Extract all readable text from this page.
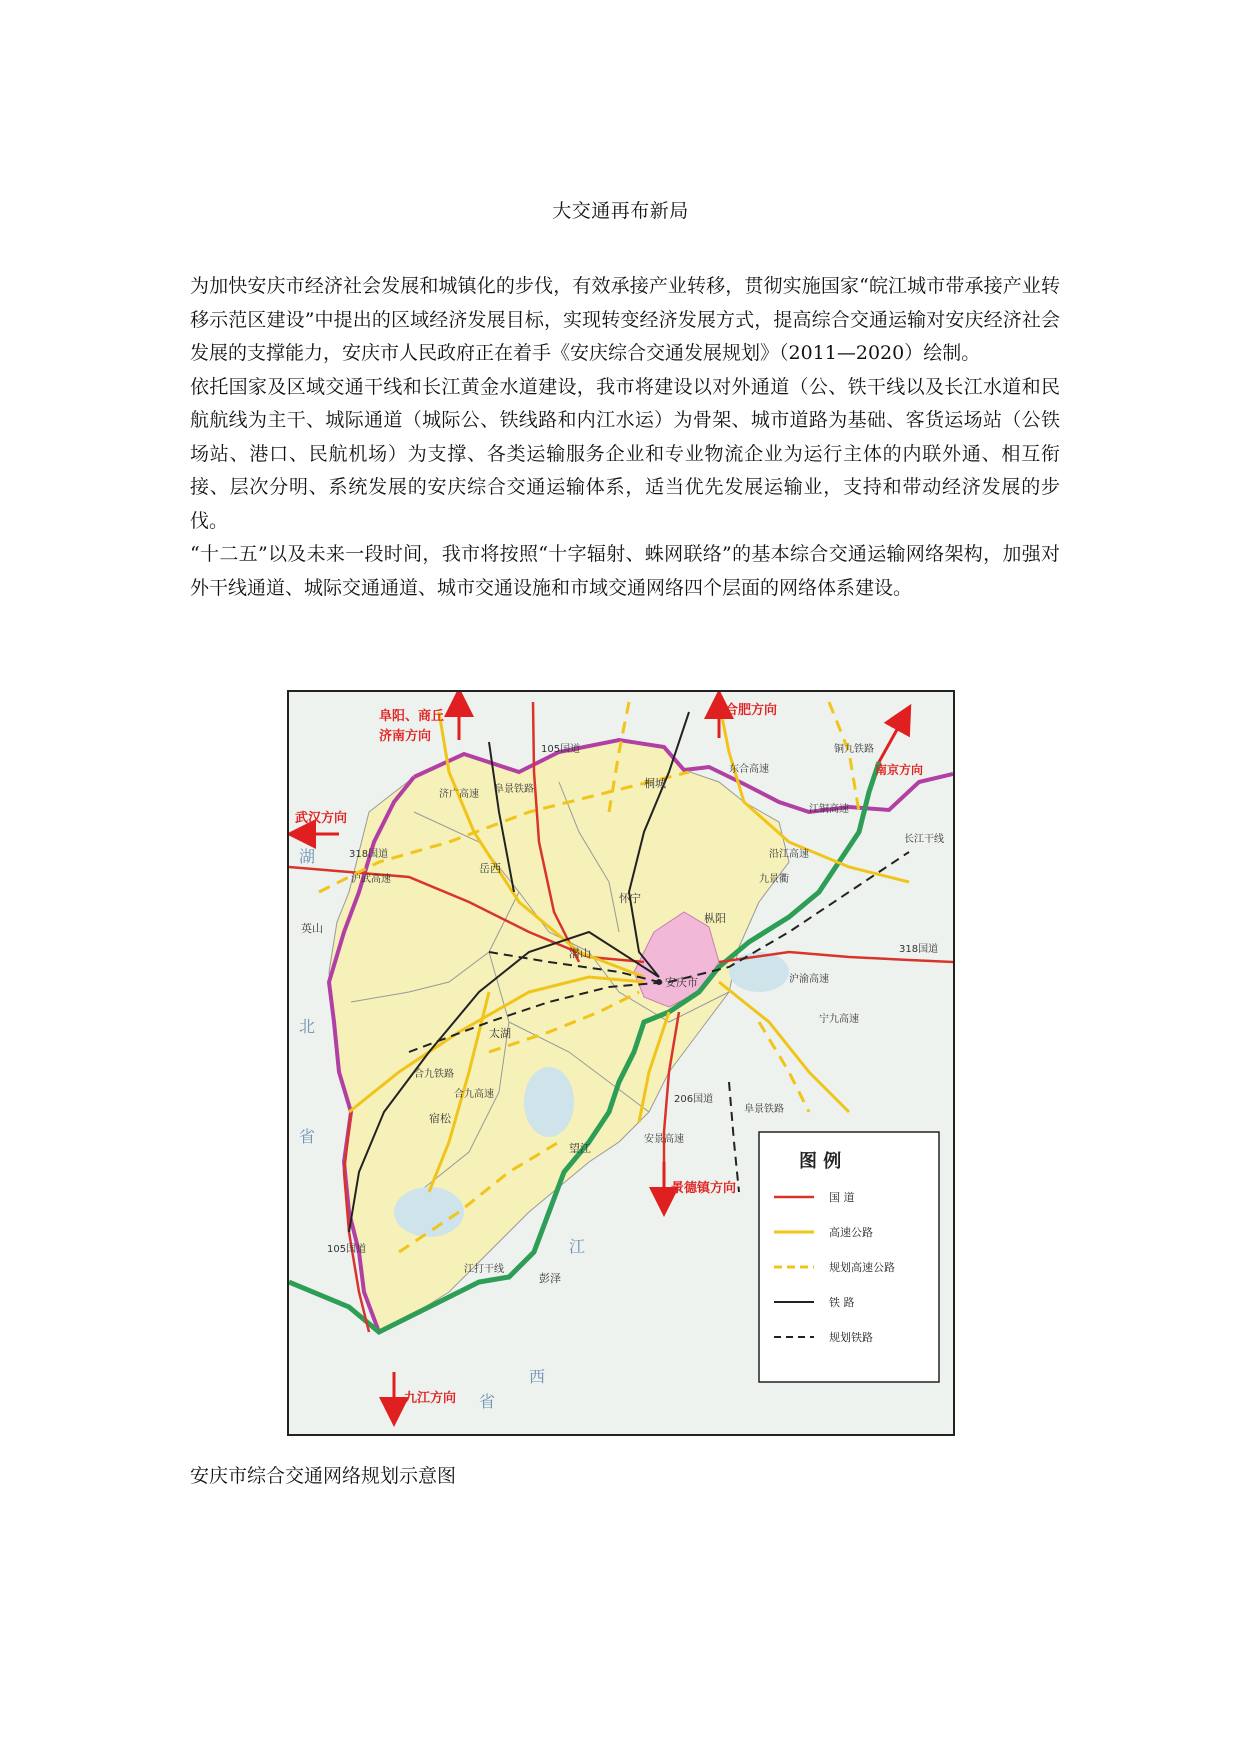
大交通再布新局

为加快安庆市经济社会发展和城镇化的步伐，有效承接产业转移，贯彻实施国家“皖江城市带承接产业转移示范区建设”中提出的区域经济发展目标，实现转变经济发展方式，提高综合交通运输对安庆经济社会发展的支撑能力，安庆市人民政府正在着手《安庆综合交通发展规划》（2011—2020）绘制。

依托国家及区域交通干线和长江黄金水道建设，我市将建设以对外通道（公、铁干线以及长江水道和民航航线为主干、城际通道（城际公、铁线路和内江水运）为骨架、城市道路为基础、客货运场站（公铁场站、港口、民航机场）为支撑、各类运输服务企业和专业物流企业为运行主体的内联外通、相互衔接、层次分明、系统发展的安庆综合交通运输体系，适当优先发展运输业，支持和带动经济发展的步伐。

“十二五”以及未来一段时间，我市将按照“十字辐射、蛛网联络”的基本综合交通运输网络架构，加强对外干线通道、城际交通通道、城市交通设施和市域交通网络四个层面的网络体系建设。

阜阳、商丘
济南方向
合肥方向
南京方向
武汉方向
景德镇方向
九江方向
安庆市
桐城
潜山
怀宁
枞阳
岳西
太湖
宿松
望江
彭泽
英山
318国道
318国道
105国道
105国道
206国道
沪武高速
济广高速 阜景铁路
阜景铁路
合九铁路
合九高速
安景高速
沿江高速
宁九高速
沪渝高速
东合高速
长江干线
江铜高速
九景衢
铜九铁路
江打干线
湖
北
省
江
西
省
图 例
国 道
高速公路
规划高速公路
铁 路
规划铁路
安庆市综合交通网络规划示意图
